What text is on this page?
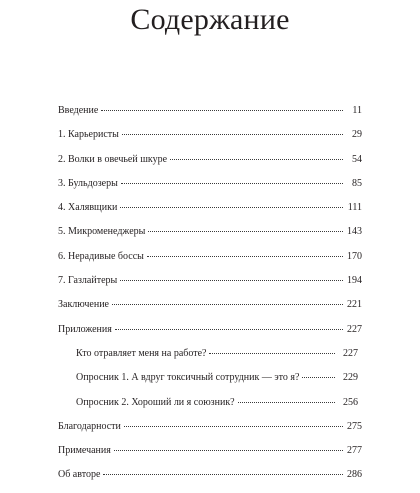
Содержание
Введение	11
1. Карьеристы	29
2. Волки в овечьей шкуре	54
3. Бульдозеры	85
4. Халявщики	111
5. Микроменеджеры	143
6. Нерадивые боссы	170
7. Газлайтеры	194
Заключение	221
Приложения	227
Кто отравляет меня на работе?	227
Опросник 1. А вдруг токсичный сотрудник — это я?	229
Опросник 2. Хороший ли я союзник?	256
Благодарности	275
Примечания	277
Об авторе	286
